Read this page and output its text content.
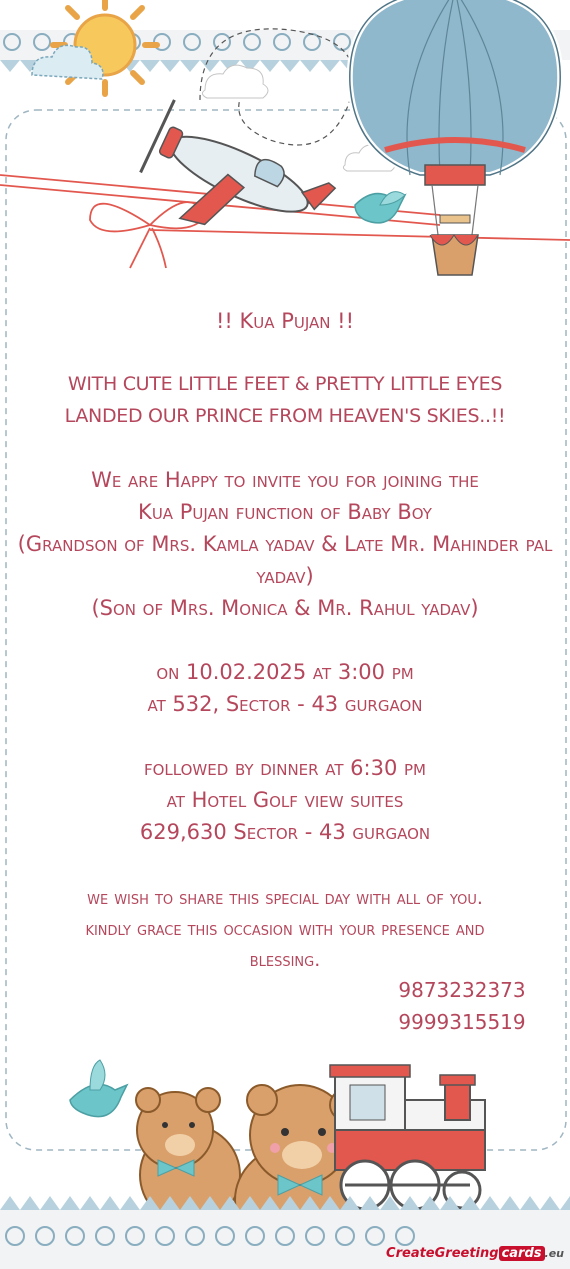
!! Kua Pujan !!
WITH CUTE LITTLE FEET & PRETTY LITTLE EYES
LANDED OUR PRINCE FROM HEAVEN'S SKIES..!!
We are Happy to invite you for joining the
Kua Pujan function of Baby Boy
(Grandson of Mrs. Kamla yadav & Late Mr. Mahinder pal
yadav)
(Son of Mrs. Monica & Mr. Rahul yadav)
on 10.02.2025 at 3:00 pm
at 532, Sector - 43 gurgaon
followed by dinner at 6:30 pm
at Hotel Golf view suites
629,630 Sector - 43 gurgaon
we wish to share this special day with all of you.
kindly grace this occasion with your presence and
blessing.
9873232373
9999315519
CreateGreeting cards .eu
